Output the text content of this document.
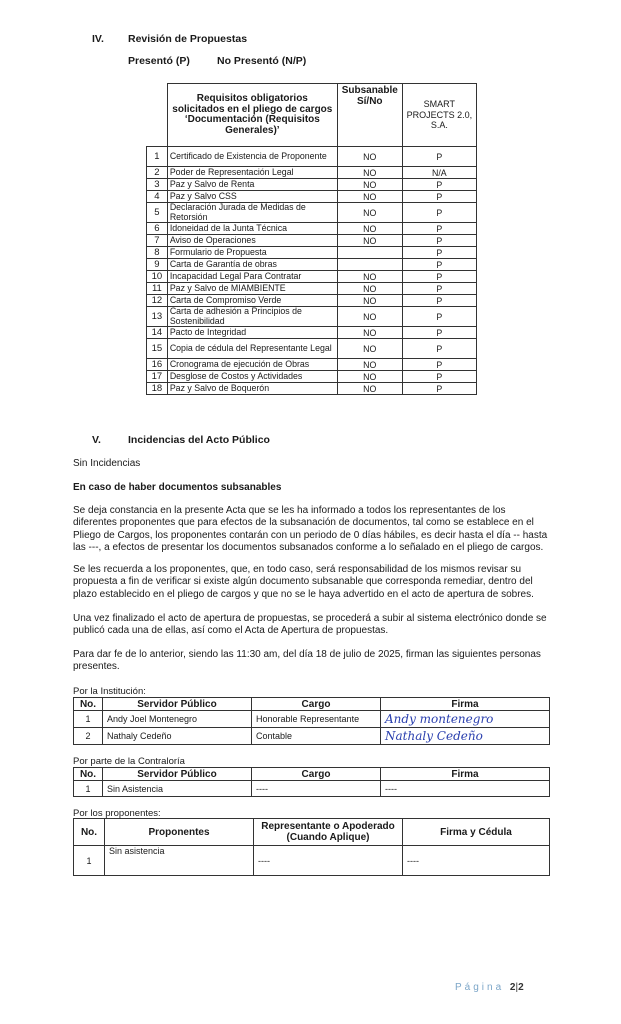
IV. Revisión de Propuestas
Presentó (P)	No Presentó (N/P)
	Requisitos obligatorios solicitados en el pliego de cargos ‘Documentación (Requisitos Generales)’	Subsanable Sí/No	SMART PROJECTS 2.0, S.A.
1	Certificado de Existencia de Proponente	NO	P
2	Poder de Representación Legal	NO	N/A
3	Paz y Salvo de Renta	NO	P
4	Paz y Salvo CSS	NO	P
5	Declaración Jurada de Medidas de Retorsión	NO	P
6	Idoneidad de la Junta Técnica	NO	P
7	Aviso de Operaciones	NO	P
8	Formulario de Propuesta		P
9	Carta de Garantía de obras		P
10	Incapacidad Legal Para Contratar	NO	P
11	Paz y Salvo de MIAMBIENTE	NO	P
12	Carta de Compromiso Verde	NO	P
13	Carta de adhesión a Principios de Sostenibilidad	NO	P
14	Pacto de Integridad	NO	P
15	Copia de cédula del Representante Legal	NO	P
16	Cronograma de ejecución de Obras	NO	P
17	Desglose de Costos y Actividades	NO	P
18	Paz y Salvo de Boquerón	NO	P
V.	Incidencias del Acto Público
Sin Incidencias
En caso de haber documentos subsanables
Se deja constancia en la presente Acta que se les ha informado a todos los representantes de los diferentes proponentes que para efectos de la subsanación de documentos, tal como se establece en el Pliego de Cargos, los proponentes contarán con un periodo de 0 días hábiles, es decir hasta el día -- hasta las ---, a efectos de presentar los documentos subsanados conforme a lo señalado en el pliego de cargos.
Se les recuerda a los proponentes, que, en todo caso, será responsabilidad de los mismos revisar su propuesta a fin de verificar si existe algún documento subsanable que corresponda remediar, dentro del plazo establecido en el pliego de cargos y que no se le haya advertido en el acto de apertura de sobres.
Una vez finalizado el acto de apertura de propuestas, se procederá a subir al sistema electrónico donde se publicó cada una de ellas, así como el Acta de Apertura de propuestas.
Para dar fe de lo anterior, siendo las 11:30 am, del día 18 de julio de 2025, firman las siguientes personas presentes.
Por la Institución:
No.	Servidor Público	Cargo	Firma
1	Andy Joel Montenegro	Honorable Representante	Andy montenegro
2	Nathaly Cedeño	Contable	Nathaly Cedeño
Por parte de la Contraloría
No.	Servidor Público	Cargo	Firma
1	Sin Asistencia	----	----
Por los proponentes:
No.	Proponentes	Representante o Apoderado (Cuando Aplique)	Firma y Cédula
1	Sin asistencia	----	----
Página 2|2
